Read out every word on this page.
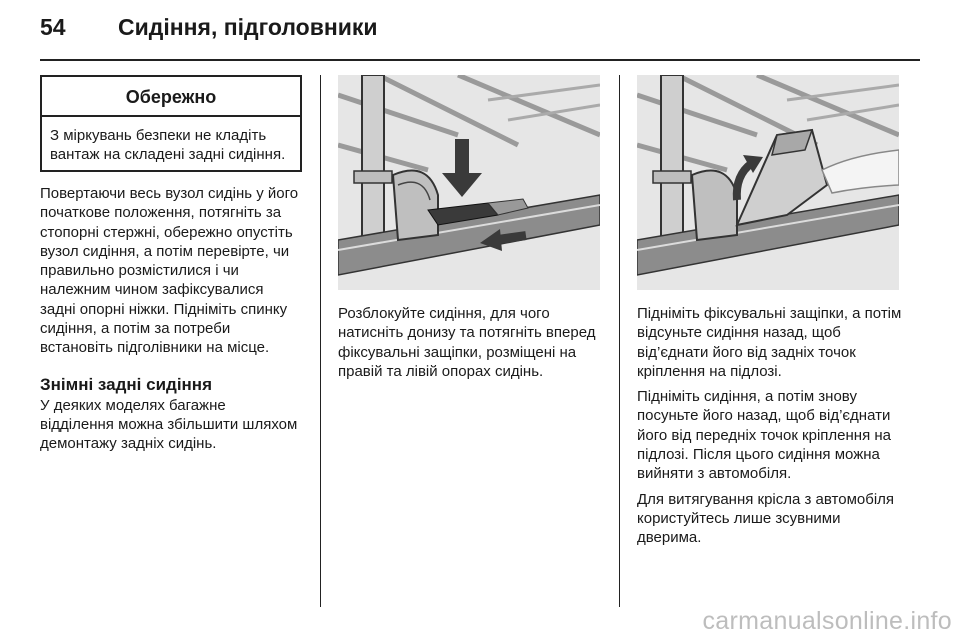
54 Сидіння, підголовники
Обережно
З міркувань безпеки не кладіть вантаж на складені задні сидіння.

Повертаючи весь вузол сидінь у його початкове положення, потягніть за стопорні стержні, обережно опустіть вузол сидіння, а потім перевірте, чи правильно розмістилися і чи належним чином зафіксувалися задні опорні ніжки. Підніміть спинку сидіння, а потім за потреби встановіть підголівники на місце.

Знімні задні сидіння

У деяких моделях багажне відділення можна збільшити шляхом демонтажу задніх сидінь.

Розблокуйте сидіння, для чого натисніть донизу та потягніть вперед фіксувальні защіпки, розміщені на правій та лівій опорах сидінь.

Підніміть фіксувальні защіпки, а потім відсуньте сидіння назад, щоб від’єднати його від задніх точок кріплення на підлозі.

Підніміть сидіння, а потім знову посуньте його назад, щоб від’єднати його від передніх точок кріплення на підлозі. Після цього сидіння можна вийняти з автомобіля.

Для витягування крісла з автомобіля користуйтесь лише зсувними дверима.

carmanualsonline.info
